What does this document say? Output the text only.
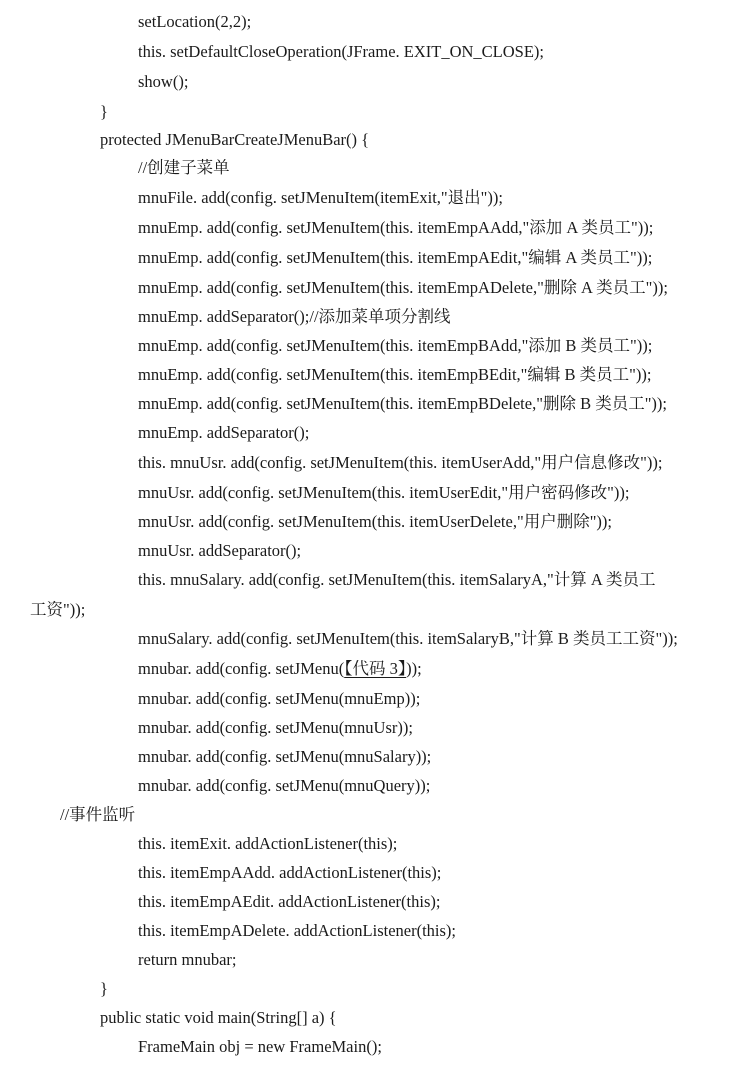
setLocation(2,2);
this. setDefaultCloseOperation(JFrame. EXIT_ON_CLOSE);
show();
}
protected JMenuBarCreateJMenuBar() {
//创建子菜单
mnuFile. add(config. setJMenuItem(itemExit,"退出"));
mnuEmp. add(config. setJMenuItem(this. itemEmpAAdd,"添加 A 类员工"));
mnuEmp. add(config. setJMenuItem(this. itemEmpAEdit,"编辑 A 类员工"));
mnuEmp. add(config. setJMenuItem(this. itemEmpADelete,"删除 A 类员工"));
mnuEmp. addSeparator();//添加菜单项分割线
mnuEmp. add(config. setJMenuItem(this. itemEmpBAdd,"添加 B 类员工"));
mnuEmp. add(config. setJMenuItem(this. itemEmpBEdit,"编辑 B 类员工"));
mnuEmp. add(config. setJMenuItem(this. itemEmpBDelete,"删除 B 类员工"));
mnuEmp. addSeparator();
this. mnuUsr. add(config. setJMenuItem(this. itemUserAdd,"用户信息修改"));
mnuUsr. add(config. setJMenuItem(this. itemUserEdit,"用户密码修改"));
mnuUsr. add(config. setJMenuItem(this. itemUserDelete,"用户删除"));
mnuUsr. addSeparator();
this. mnuSalary. add(config. setJMenuItem(this. itemSalaryA,"计算 A 类员工
工资"));
mnuSalary. add(config. setJMenuItem(this. itemSalaryB,"计算 B 类员工工资"));
mnubar. add(config. setJMenu(【代码 3】));
mnubar. add(config. setJMenu(mnuEmp));
mnubar. add(config. setJMenu(mnuUsr));
mnubar. add(config. setJMenu(mnuSalary));
mnubar. add(config. setJMenu(mnuQuery));
//事件监听
this. itemExit. addActionListener(this);
this. itemEmpAAdd. addActionListener(this);
this. itemEmpAEdit. addActionListener(this);
this. itemEmpADelete. addActionListener(this);
return mnubar;
}
public static void main(String[] a) {
FrameMain obj = new FrameMain();
